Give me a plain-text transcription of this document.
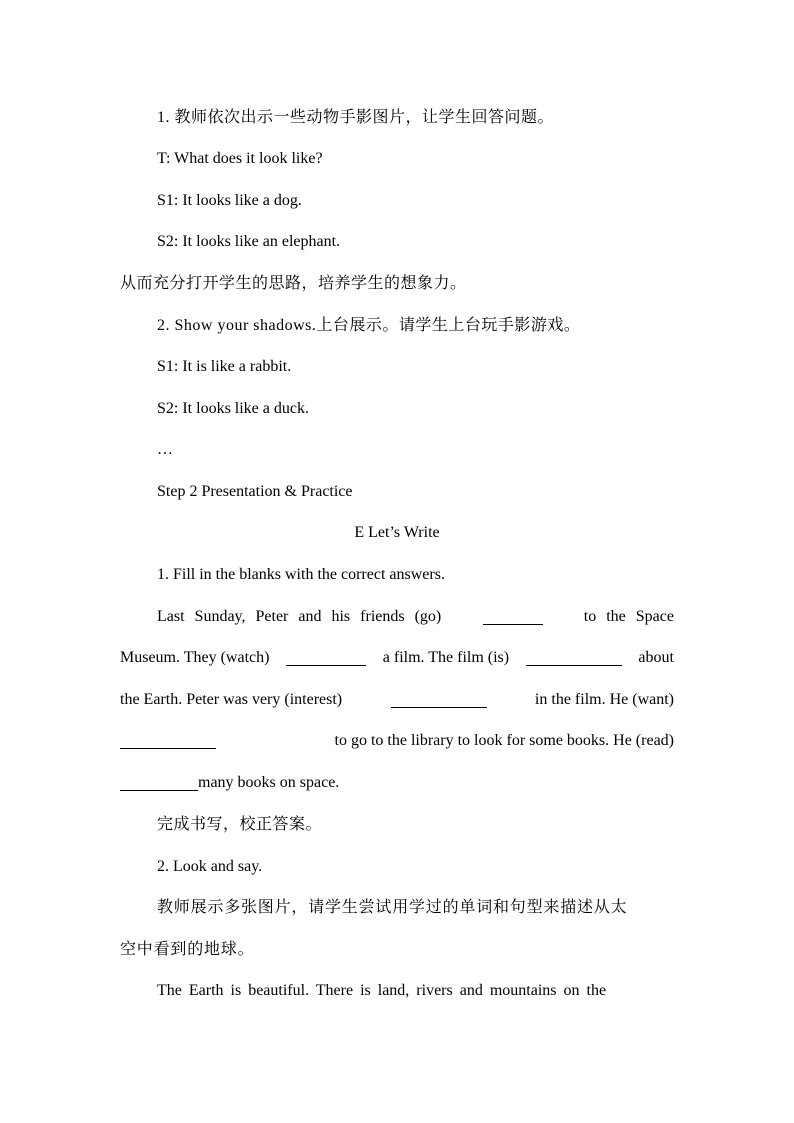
1. 教师依次出示一些动物手影图片，让学生回答问题。
T: What does it look like?
S1: It looks like a dog.
S2: It looks like an elephant.
从而充分打开学生的思路，培养学生的想象力。
2. Show your shadows.上台展示。请学生上台玩手影游戏。
S1: It is like a rabbit.
S2: It looks like a duck.
…
Step 2 Presentation & Practice
E Let’s Write
1. Fill in the blanks with the correct answers.
Last Sunday, Peter and his friends (go)	to the Space
Museum. They (watch)	a film. The film (is)	about
the Earth. Peter was very (interest)	in the film. He (want)
to go to the library to look for some books. He (read)
many books on space.
完成书写，校正答案。
2. Look and say.
教师展示多张图片，请学生尝试用学过的单词和句型来描述从太
空中看到的地球。
The Earth is beautiful. There is land, rivers and mountains on the
